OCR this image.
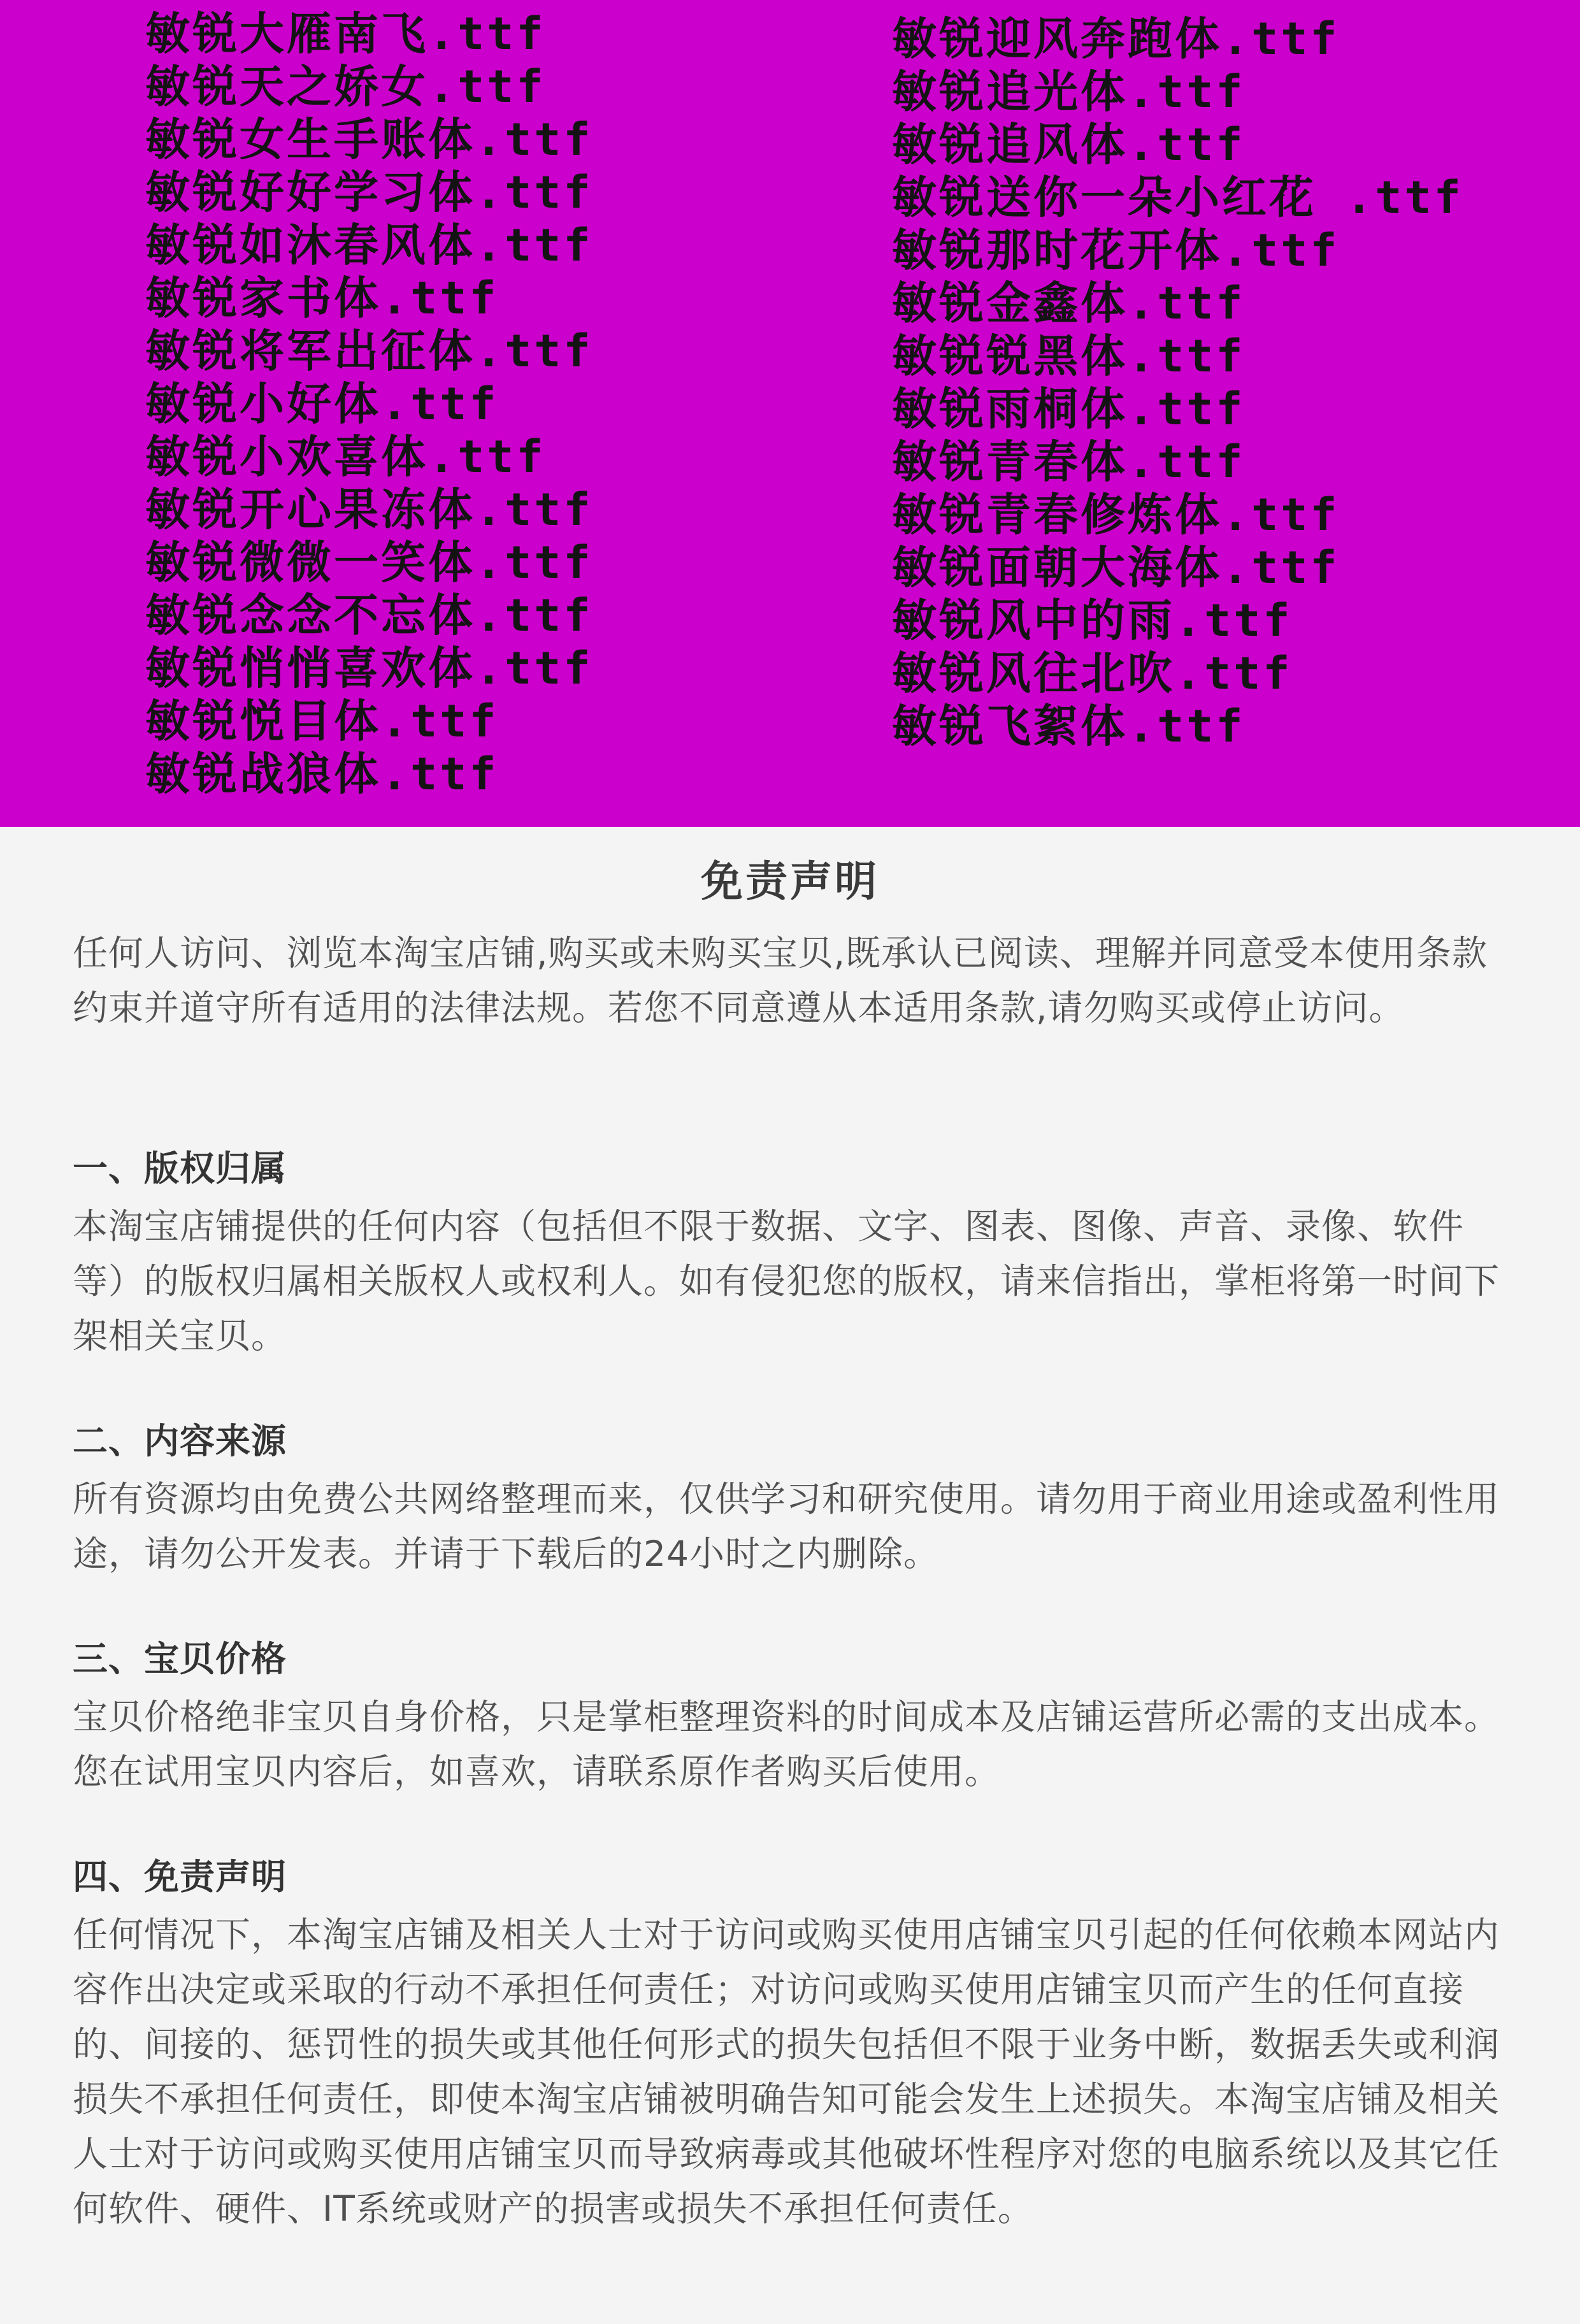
敏锐大雁南飞.ttf
敏锐天之娇女.ttf
敏锐女生手账体.ttf
敏锐好好学习体.ttf
敏锐如沐春风体.ttf
敏锐家书体.ttf
敏锐将军出征体.ttf
敏锐小好体.ttf
敏锐小欢喜体.ttf
敏锐开心果冻体.ttf
敏锐微微一笑体.ttf
敏锐念念不忘体.ttf
敏锐悄悄喜欢体.ttf
敏锐悦目体.ttf
敏锐战狼体.ttf
敏锐迎风奔跑体.ttf
敏锐追光体.ttf
敏锐追风体.ttf
敏锐送你一朵小红花 .ttf
敏锐那时花开体.ttf
敏锐金鑫体.ttf
敏锐锐黑体.ttf
敏锐雨桐体.ttf
敏锐青春体.ttf
敏锐青春修炼体.ttf
敏锐面朝大海体.ttf
敏锐风中的雨.ttf
敏锐风往北吹.ttf
敏锐飞絮体.ttf
免责声明

任何人访问、浏览本淘宝店铺,购买或未购买宝贝,既承认已阅读、理解并同意受本使用条款约束并道守所有适用的法律法规。若您不同意遵从本适用条款,请勿购买或停止访问。

一、版权归属

本淘宝店铺提供的任何内容（包括但不限于数据、文字、图表、图像、声音、录像、软件等）的版权归属相关版权人或权利人。如有侵犯您的版权，请来信指出，掌柜将第一时间下架相关宝贝。

二、内容来源

所有资源均由免费公共网络整理而来，仅供学习和研究使用。请勿用于商业用途或盈利性用途，请勿公开发表。并请于下载后的24小时之内删除。

三、宝贝价格

宝贝价格绝非宝贝自身价格，只是掌柜整理资料的时间成本及店铺运营所必需的支出成本。您在试用宝贝内容后，如喜欢，请联系原作者购买后使用。

四、免责声明

任何情况下，本淘宝店铺及相关人士对于访问或购买使用店铺宝贝引起的任何依赖本网站内容作出决定或采取的行动不承担任何责任；对访问或购买使用店铺宝贝而产生的任何直接的、间接的、惩罚性的损失或其他任何形式的损失包括但不限于业务中断，数据丢失或利润损失不承担任何责任，即使本淘宝店铺被明确告知可能会发生上述损失。本淘宝店铺及相关人士对于访问或购买使用店铺宝贝而导致病毒或其他破坏性程序对您的电脑系统以及其它任何软件、硬件、IT系统或财产的损害或损失不承担任何责任。
